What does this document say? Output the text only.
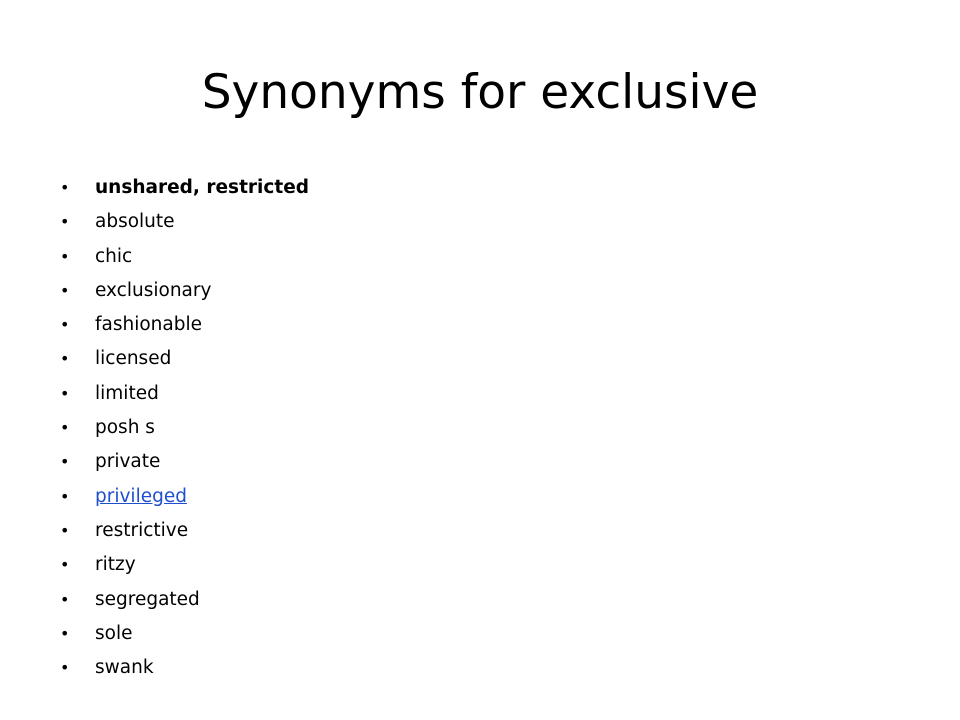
Synonyms for exclusive
• unshared, restricted
• absolute
• chic
• exclusionary
• fashionable
• licensed
• limited
• posh s
• private
• privileged
• restrictive
• ritzy
• segregated
• sole
• swank
